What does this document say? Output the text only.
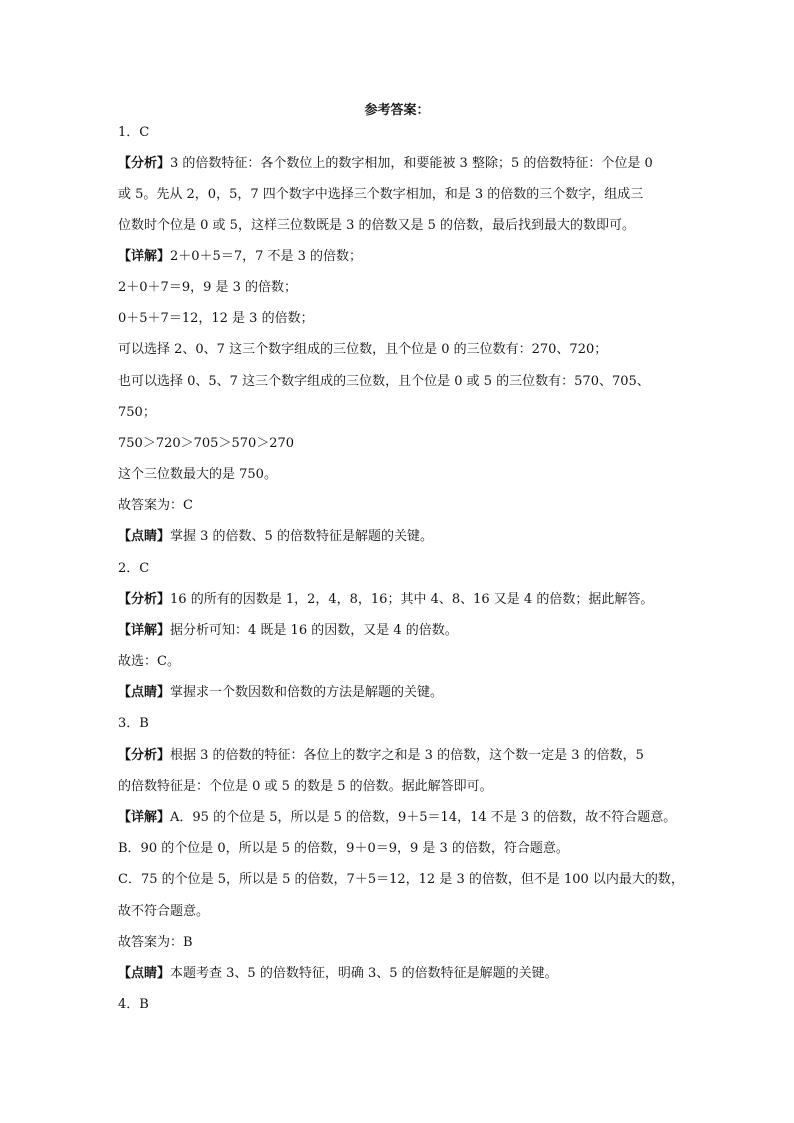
参考答案：
1．C
【分析】3 的倍数特征：各个数位上的数字相加，和要能被 3 整除；5 的倍数特征：个位是 0
或 5。先从 2，0，5，7 四个数字中选择三个数字相加，和是 3 的倍数的三个数字，组成三
位数时个位是 0 或 5，这样三位数既是 3 的倍数又是 5 的倍数，最后找到最大的数即可。
【详解】2＋0＋5＝7，7 不是 3 的倍数；
2＋0＋7＝9，9 是 3 的倍数；
0＋5＋7＝12，12 是 3 的倍数；
可以选择 2、0、7 这三个数字组成的三位数，且个位是 0 的三位数有：270、720；
也可以选择 0、5、7 这三个数字组成的三位数，且个位是 0 或 5 的三位数有：570、705、
750；
750＞720＞705＞570＞270
这个三位数最大的是 750。
故答案为：C
【点睛】掌握 3 的倍数、5 的倍数特征是解题的关键。
2．C
【分析】16 的所有的因数是 1，2，4，8，16；其中 4、8、16 又是 4 的倍数；据此解答。
【详解】据分析可知：4 既是 16 的因数，又是 4 的倍数。
故选：C。
【点睛】掌握求一个数因数和倍数的方法是解题的关键。
3．B
【分析】根据 3 的倍数的特征：各位上的数字之和是 3 的倍数，这个数一定是 3 的倍数，5
的倍数特征是：个位是 0 或 5 的数是 5 的倍数。据此解答即可。
【详解】A．95 的个位是 5，所以是 5 的倍数，9＋5＝14，14 不是 3 的倍数，故不符合题意。
B．90 的个位是 0，所以是 5 的倍数，9＋0＝9，9 是 3 的倍数，符合题意。
C．75 的个位是 5，所以是 5 的倍数，7＋5＝12，12 是 3 的倍数，但不是 100 以内最大的数，
故不符合题意。
故答案为：B
【点睛】本题考查 3、5 的倍数特征，明确 3、5 的倍数特征是解题的关键。
4．B
